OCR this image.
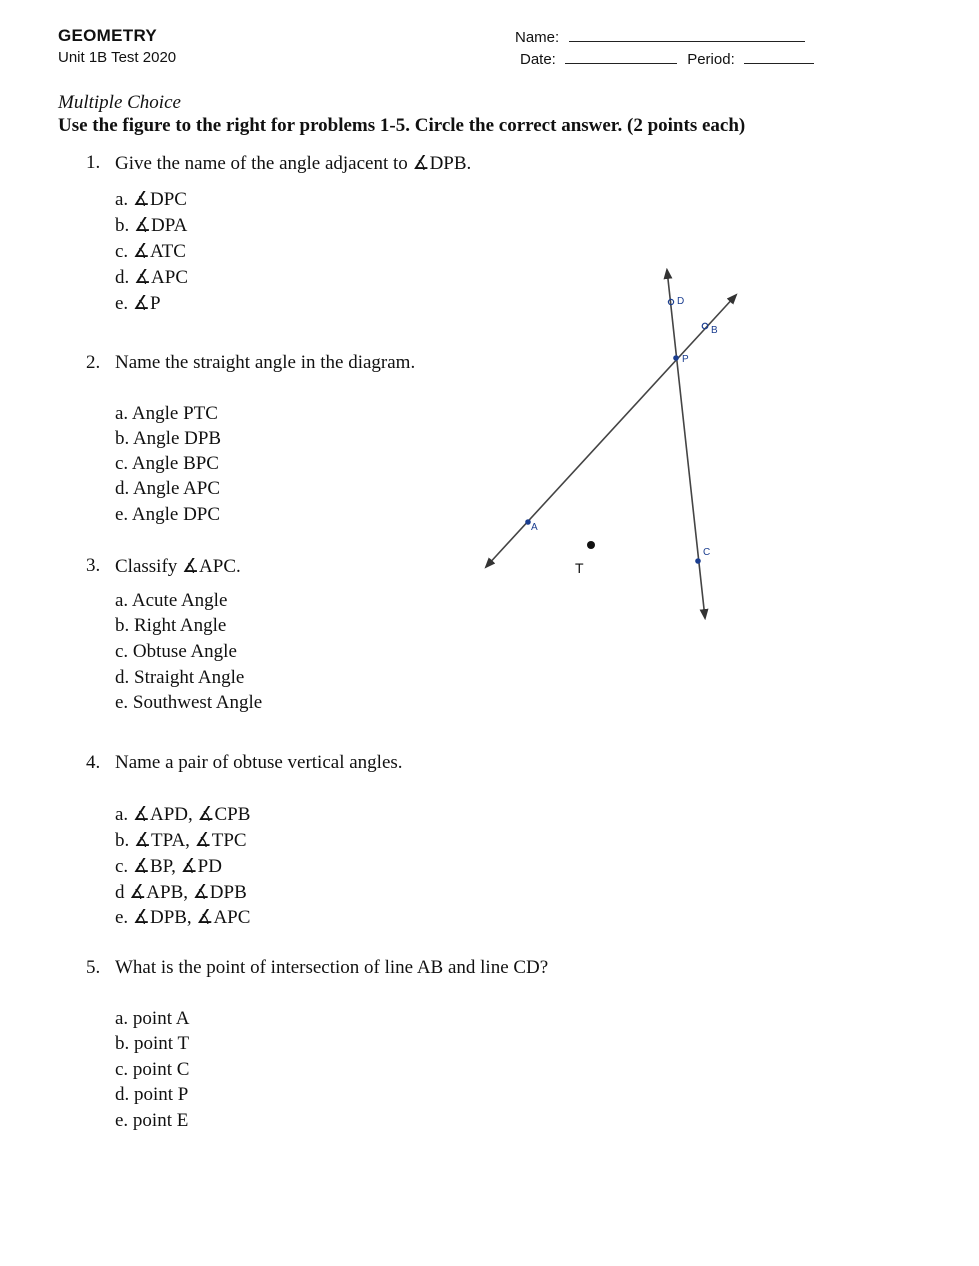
GEOMETRY
Unit 1B Test 2020
Name:
Date:	Period:
Multiple Choice
Use the figure to the right for problems 1-5. Circle the correct answer. (2 points each)
1. Give the name of the angle adjacent to ∡DPB.
a. ∡DPC
b. ∡DPA
c. ∡ATC
d. ∡APC
e. ∡P
2. Name the straight angle in the diagram.
a. Angle PTC
b. Angle DPB
c. Angle BPC
d. Angle APC
e. Angle DPC
3. Classify ∡APC.
a. Acute Angle
b. Right Angle
c. Obtuse Angle
d. Straight Angle
e. Southwest Angle
4. Name a pair of obtuse vertical angles.
a. ∡APD, ∡CPB
b. ∡TPA, ∡TPC
c. ∡BP, ∡PD
d ∡APB, ∡DPB
e. ∡DPB, ∡APC
5. What is the point of intersection of line AB and line CD?
a. point A
b. point T
c. point C
d. point P
e. point E
D
B
P
A
C
T
